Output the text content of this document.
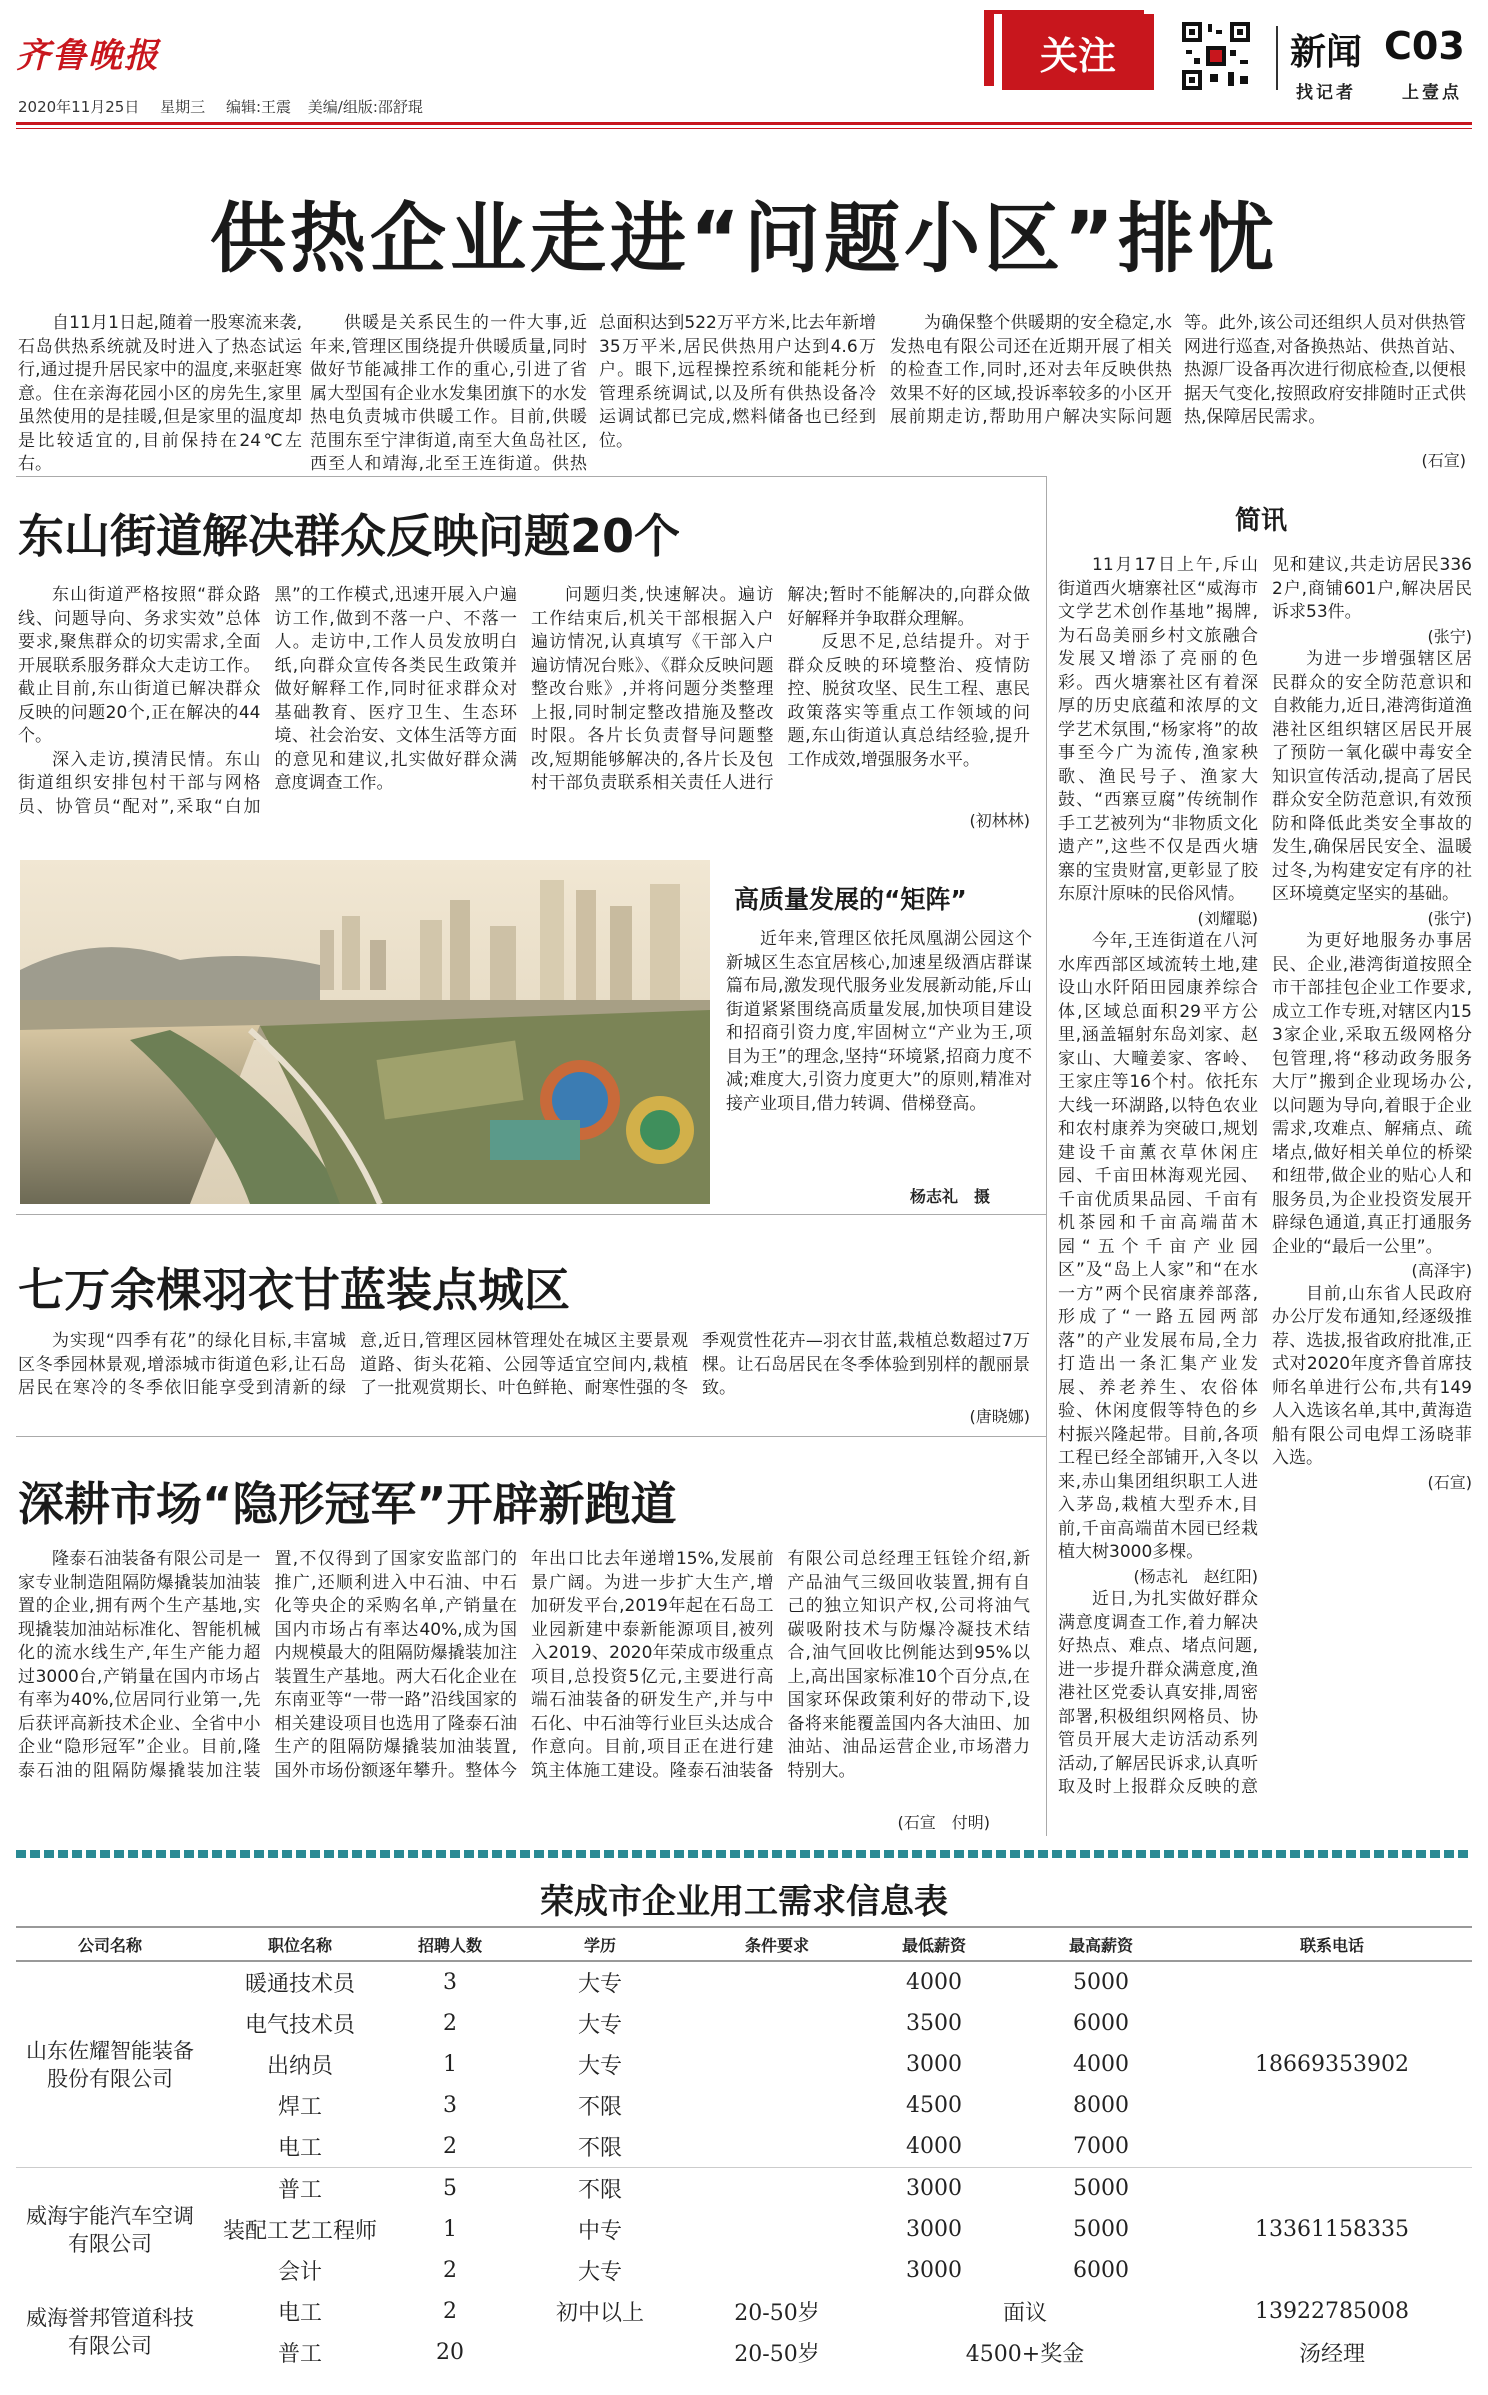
齐鲁晚报
2020年11月25日 星期三 编辑:王震 美编/组版:邵舒琨
关注	新闻 C03
找记者	上壹点
供热企业走进“问题小区”排忧

自11月1日起,随着一股寒流来袭,石岛供热系统就及时进入了热态试运行,通过提升居民家中的温度,来驱赶寒意。住在亲海花园小区的房先生,家里虽然使用的是挂暖,但是家里的温度却是比较适宜的,目前保持在24℃左右。

供暖是关系民生的一件大事,近年来,管理区围绕提升供暖质量,同时做好节能减排工作的重心,引进了省属大型国有企业水发集团旗下的水发热电负责城市供暖工作。目前,供暖范围东至宁津街道,南至大鱼岛社区,西至人和靖海,北至王连街道。供热总面积达到522万平方米,比去年新增35万平米,居民供热用户达到4.6万户。眼下,远程操控系统和能耗分析管理系统调试,以及所有供热设备冷运调试都已完成,燃料储备也已经到位。

为确保整个供暖期的安全稳定,水发热电有限公司还在近期开展了相关的检查工作,同时,还对去年反映供热效果不好的区域,投诉率较多的小区开展前期走访,帮助用户解决实际问题等。此外,该公司还组织人员对供热管网进行巡查,对备换热站、供热首站、热源厂设备再次进行彻底检查,以便根据天气变化,按照政府安排随时正式供热,保障居民需求。

(石宣)
东山街道解决群众反映问题20个

东山街道严格按照“群众路线、问题导向、务求实效”总体要求,聚焦群众的切实需求,全面开展联系服务群众大走访工作。截止目前,东山街道已解决群众反映的问题20个,正在解决的44个。

深入走访,摸清民情。东山街道组织安排包村干部与网格员、协管员“配对”,采取“白加黑”的工作模式,迅速开展入户遍访工作,做到不落一户、不落一人。走访中,工作人员发放明白纸,向群众宣传各类民生政策并做好解释工作,同时征求群众对基础教育、医疗卫生、生态环境、社会治安、文体生活等方面的意见和建议,扎实做好群众满意度调查工作。

问题归类,快速解决。遍访工作结束后,机关干部根据入户遍访情况,认真填写《干部入户遍访情况台账》、《群众反映问题整改台账》,并将问题分类整理上报,同时制定整改措施及整改时限。各片长负责督导问题整改,短期能够解决的,各片长及包村干部负责联系相关责任人进行解决;暂时不能解决的,向群众做好解释并争取群众理解。

反思不足,总结提升。对于群众反映的环境整治、疫情防控、脱贫攻坚、民生工程、惠民政策落实等重点工作领域的问题,东山街道认真总结经验,提升工作成效,增强服务水平。

(初林林)
高质量发展的“矩阵”

近年来,管理区依托凤凰湖公园这个新城区生态宜居核心,加速星级酒店群谋篇布局,激发现代服务业发展新动能,斥山街道紧紧围绕高质量发展,加快项目建设和招商引资力度,牢固树立“产业为王,项目为王”的理念,坚持“环境紧,招商力度不减;难度大,引资力度更大”的原则,精准对接产业项目,借力转调、借梯登高。

杨志礼　摄
七万余棵羽衣甘蓝装点城区

为实现“四季有花”的绿化目标,丰富城区冬季园林景观,增添城市街道色彩,让石岛居民在寒冷的冬季依旧能享受到清新的绿意,近日,管理区园林管理处在城区主要景观道路、街头花箱、公园等适宜空间内,栽植了一批观赏期长、叶色鲜艳、耐寒性强的冬季观赏性花卉—羽衣甘蓝,栽植总数超过7万棵。让石岛居民在冬季体验到别样的靓丽景致。

(唐晓娜)
深耕市场“隐形冠军”开辟新跑道

隆泰石油装备有限公司是一家专业制造阻隔防爆撬装加油装置的企业,拥有两个生产基地,实现撬装加油站标准化、智能机械化的流水线生产,年生产能力超过3000台,产销量在国内市场占有率为40%,位居同行业第一,先后获评高新技术企业、全省中小企业“隐形冠军”企业。目前,隆泰石油的阻隔防爆撬装加注装置,不仅得到了国家安监部门的推广,还顺利进入中石油、中石化等央企的采购名单,产销量在国内市场占有率达40%,成为国内规模最大的阻隔防爆撬装加注装置生产基地。两大石化企业在东南亚等“一带一路”沿线国家的相关建设项目也选用了隆泰石油生产的阻隔防爆撬装加油装置,国外市场份额逐年攀升。整体今年出口比去年递增15%,发展前景广阔。为进一步扩大生产,增加研发平台,2019年起在石岛工业园新建中泰新能源项目,被列入2019、2020年荣成市级重点项目,总投资5亿元,主要进行高端石油装备的研发生产,并与中石化、中石油等行业巨头达成合作意向。目前,项目正在进行建筑主体施工建设。隆泰石油装备有限公司总经理王钰铨介绍,新产品油气三级回收装置,拥有自己的独立知识产权,公司将油气碳吸附技术与防爆冷凝技术结合,油气回收比例能达到95%以上,高出国家标准10个百分点,在国家环保政策利好的带动下,设备将来能覆盖国内各大油田、加油站、油品运营企业,市场潜力特别大。

(石宣　付明)
简讯

11月17日上午,斥山街道西火塘寨社区“威海市文学艺术创作基地”揭牌,为石岛美丽乡村文旅融合发展又增添了亮丽的色彩。西火塘寨社区有着深厚的历史底蕴和浓厚的文学艺术氛围,“杨家将”的故事至今广为流传,渔家秧歌、渔民号子、渔家大鼓、“西寨豆腐”传统制作手工艺被列为“非物质文化遗产”,这些不仅是西火塘寨的宝贵财富,更彰显了胶东原汁原味的民俗风情。

(刘耀聪)

今年,王连街道在八河水库西部区域流转土地,建设山水阡陌田园康养综合体,区域总面积29平方公里,涵盖辐射东岛刘家、赵家山、大疃姜家、客岭、王家庄等16个村。依托东大线一环湖路,以特色农业和农村康养为突破口,规划建设千亩薰衣草休闲庄园、千亩田林海观光园、千亩优质果品园、千亩有机茶园和千亩高端苗木园“五个千亩产业园区”及“岛上人家”和“在水一方”两个民宿康养部落,形成了“一路五园两部落”的产业发展布局,全力打造出一条汇集产业发展、养老养生、农俗体验、休闲度假等特色的乡村振兴隆起带。目前,各项工程已经全部铺开,入冬以来,赤山集团组织职工人进入茅岛,栽植大型乔木,目前,千亩高端苗木园已经栽植大树3000多棵。

(杨志礼　赵红阳)

近日,为扎实做好群众满意度调查工作,着力解决好热点、难点、堵点问题,进一步提升群众满意度,渔港社区党委认真安排,周密部署,积极组织网格员、协管员开展大走访活动系列活动,了解居民诉求,认真听取及时上报群众反映的意见和建议,共走访居民3362户,商铺601户,解决居民诉求53件。

(张宁)

为进一步增强辖区居民群众的安全防范意识和自救能力,近日,港湾街道渔港社区组织辖区居民开展了预防一氧化碳中毒安全知识宣传活动,提高了居民群众安全防范意识,有效预防和降低此类安全事故的发生,确保居民安全、温暖过冬,为构建安定有序的社区环境奠定坚实的基础。

(张宁)

为更好地服务办事居民、企业,港湾街道按照全市干部挂包企业工作要求,成立工作专班,对辖区内153家企业,采取五级网格分包管理,将“移动政务服务大厅”搬到企业现场办公,以问题为导向,着眼于企业需求,攻难点、解痛点、疏堵点,做好相关单位的桥梁和纽带,做企业的贴心人和服务员,为企业投资发展开辟绿色通道,真正打通服务企业的“最后一公里”。

(高泽宇)

目前,山东省人民政府办公厅发布通知,经逐级推荐、选拔,报省政府批准,正式对2020年度齐鲁首席技师名单进行公布,共有149人入选该名单,其中,黄海造船有限公司电焊工汤晓菲入选。

(石宣)
荣成市企业用工需求信息表
公司名称	职位名称	招聘人数	学历	条件要求	最低薪资	最高薪资	联系电话
山东佐耀智能装备股份有限公司	暖通技术员	3	大专		4000	5000	18669353902
	电气技术员	2	大专		3500	6000	
	出纳员	1	大专		3000	4000	
	焊工	3	不限		4500	8000	
	电工	2	不限		4000	7000	
威海宇能汽车空调有限公司	普工	5	不限		3000	5000	13361158335
	装配工艺工程师	1	中专		3000	5000	
	会计	2	大专		3000	6000	
威海誉邦管道科技有限公司	电工	2	初中以上	20-50岁	面议		13922785008
	普工	20		20-50岁	4500+奖金		汤经理
